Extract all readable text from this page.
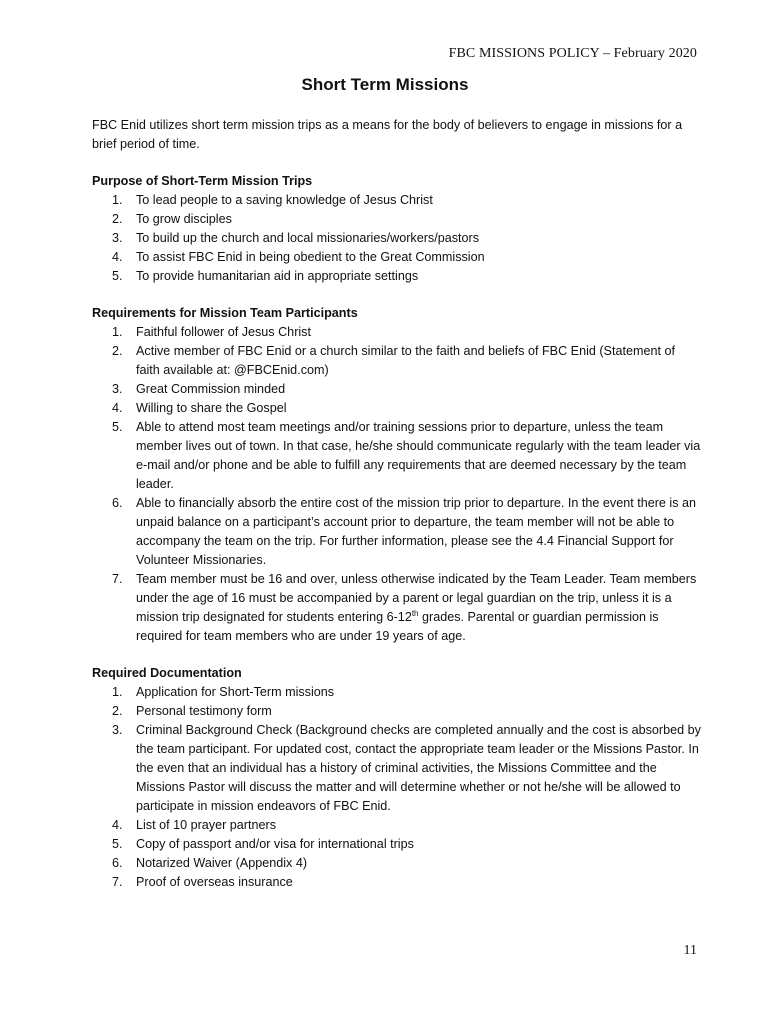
FBC MISSIONS POLICY – February 2020
Short Term Missions

FBC Enid utilizes short term mission trips as a means for the body of believers to engage in missions for a brief period of time.

Purpose of Short-Term Mission Trips
1. To lead people to a saving knowledge of Jesus Christ
2. To grow disciples
3. To build up the church and local missionaries/workers/pastors
4. To assist FBC Enid in being obedient to the Great Commission
5. To provide humanitarian aid in appropriate settings
Requirements for Mission Team Participants
1. Faithful follower of Jesus Christ
2. Active member of FBC Enid or a church similar to the faith and beliefs of FBC Enid (Statement of faith available at: @FBCEnid.com)
3. Great Commission minded
4. Willing to share the Gospel
5. Able to attend most team meetings and/or training sessions prior to departure, unless the team member lives out of town. In that case, he/she should communicate regularly with the team leader via e-mail and/or phone and be able to fulfill any requirements that are deemed necessary by the team leader.
6. Able to financially absorb the entire cost of the mission trip prior to departure. In the event there is an unpaid balance on a participant’s account prior to departure, the team member will not be able to accompany the team on the trip. For further information, please see the 4.4 Financial Support for Volunteer Missionaries.
7. Team member must be 16 and over, unless otherwise indicated by the Team Leader. Team members under the age of 16 must be accompanied by a parent or legal guardian on the trip, unless it is a mission trip designated for students entering 6-12th grades. Parental or guardian permission is required for team members who are under 19 years of age.
Required Documentation
1. Application for Short-Term missions
2. Personal testimony form
3. Criminal Background Check (Background checks are completed annually and the cost is absorbed by the team participant. For updated cost, contact the appropriate team leader or the Missions Pastor. In the even that an individual has a history of criminal activities, the Missions Committee and the Missions Pastor will discuss the matter and will determine whether or not he/she will be allowed to participate in mission endeavors of FBC Enid.
4. List of 10 prayer partners
5. Copy of passport and/or visa for international trips
6. Notarized Waiver (Appendix 4)
7. Proof of overseas insurance
11
